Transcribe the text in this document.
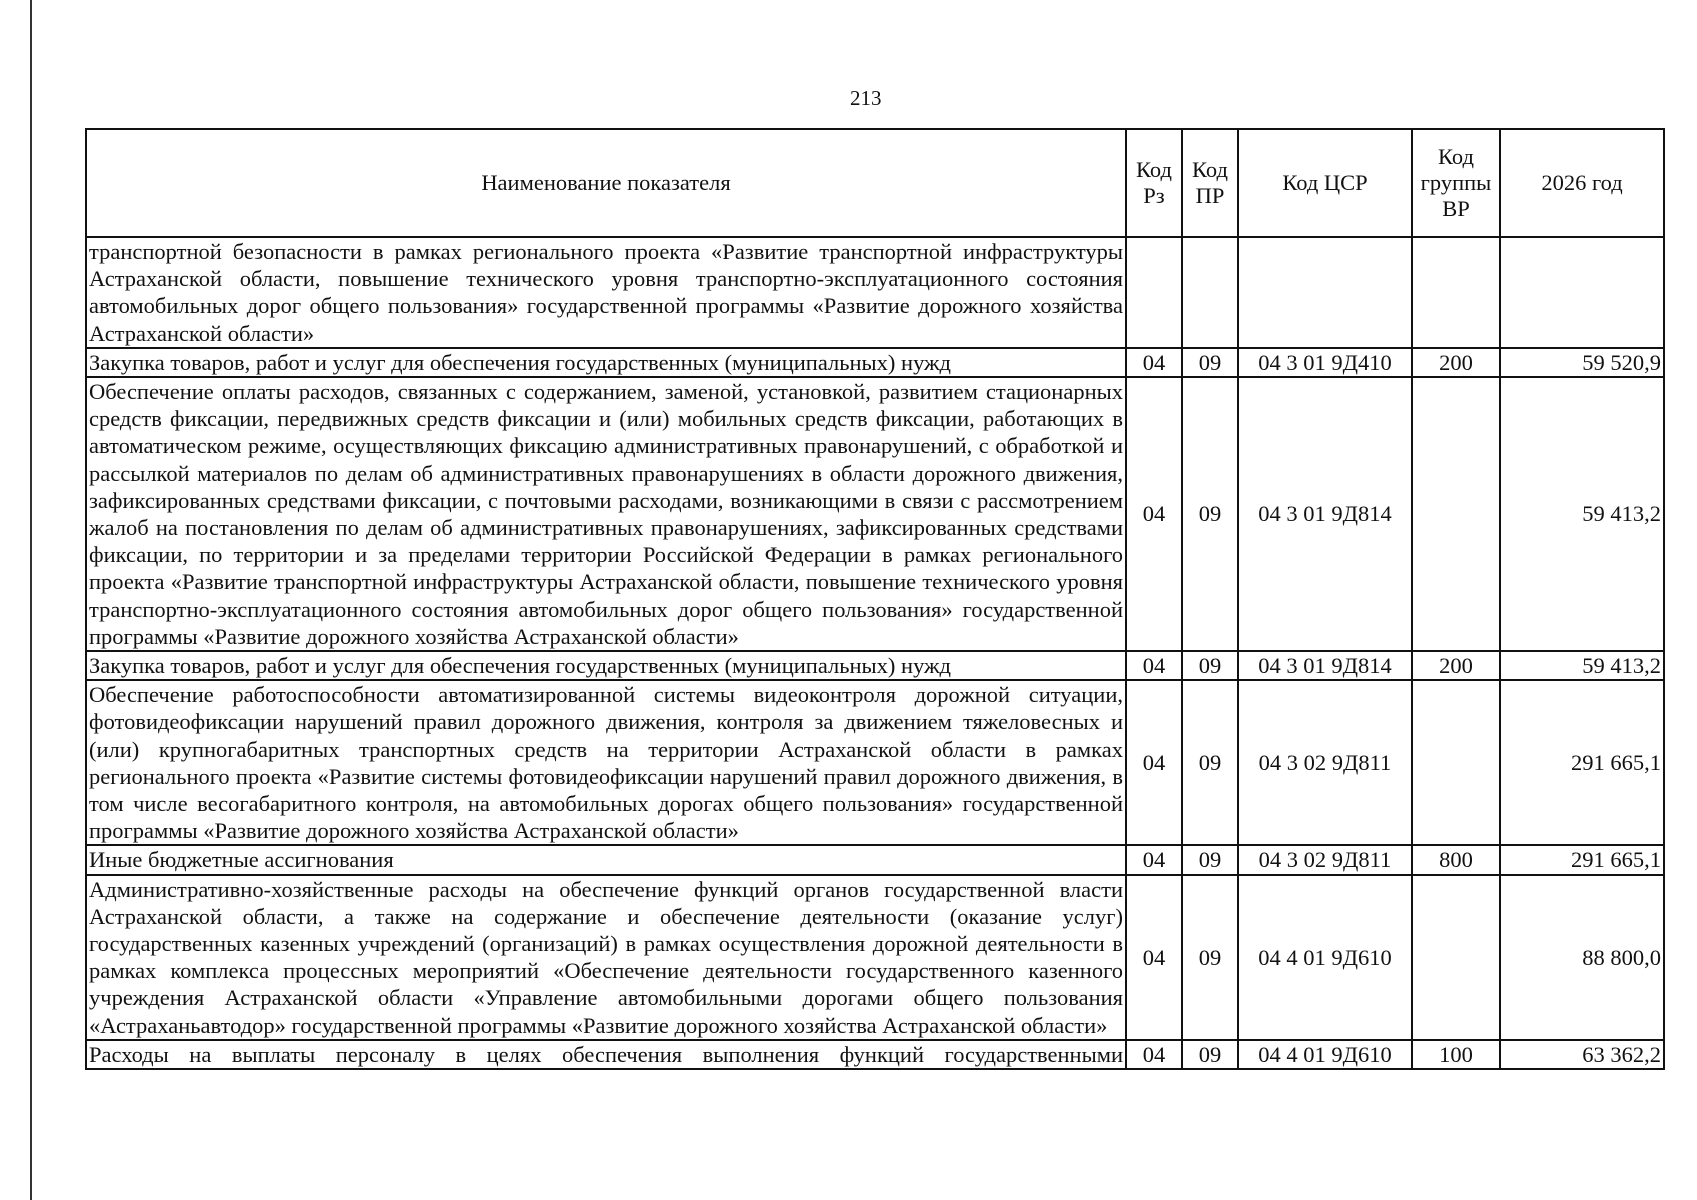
213
Наименование показателя	Код Рз	Код ПР	Код ЦСР	Код группы ВР	2026 год
транспортной безопасности в рамках регионального проекта «Развитие транспортной инфраструктуры Астраханской области, повышение технического уровня транспортно-эксплуатационного состояния автомобильных дорог общего пользования» государственной программы «Развитие дорожного хозяйства Астраханской области»					
Закупка товаров, работ и услуг для обеспечения государственных (муниципальных) нужд	04	09	04 3 01 9Д410	200	59 520,9
Обеспечение оплаты расходов, связанных с содержанием, заменой, установкой, развитием стационарных средств фиксации, передвижных средств фиксации и (или) мобильных средств фиксации, работающих в автоматическом режиме, осуществляющих фиксацию административных правонарушений, с обработкой и рассылкой материалов по делам об административных правонарушениях в области дорожного движения, зафиксированных средствами фиксации, с почтовыми расходами, возникающими в связи с рассмотрением жалоб на постановления по делам об административных правонарушениях, зафиксированных средствами фиксации, по территории и за пределами территории Российской Федерации в рамках регионального проекта «Развитие транспортной инфраструктуры Астраханской области, повышение технического уровня транспортно-эксплуатационного состояния автомобильных дорог общего пользования» государственной программы «Развитие дорожного хозяйства Астраханской области»	04	09	04 3 01 9Д814		59 413,2
Закупка товаров, работ и услуг для обеспечения государственных (муниципальных) нужд	04	09	04 3 01 9Д814	200	59 413,2
Обеспечение работоспособности автоматизированной системы видеоконтроля дорожной ситуации, фотовидеофиксации нарушений правил дорожного движения, контроля за движением тяжеловесных и (или) крупногабаритных транспортных средств на территории Астраханской области в рамках регионального проекта «Развитие системы фотовидеофиксации нарушений правил дорожного движения, в том числе весогабаритного контроля, на автомобильных дорогах общего пользования» государственной программы «Развитие дорожного хозяйства Астраханской области»	04	09	04 3 02 9Д811		291 665,1
Иные бюджетные ассигнования	04	09	04 3 02 9Д811	800	291 665,1
Административно-хозяйственные расходы на обеспечение функций органов государственной власти Астраханской области, а также на содержание и обеспечение деятельности (оказание услуг) государственных казенных учреждений (организаций) в рамках осуществления дорожной деятельности в рамках комплекса процессных мероприятий «Обеспечение деятельности государственного казенного учреждения Астраханской области «Управление автомобильными дорогами общего пользования «Астраханьавтодор» государственной программы «Развитие дорожного хозяйства Астраханской области»	04	09	04 4 01 9Д610		88 800,0
Расходы на выплаты персоналу в целях обеспечения выполнения функций государственными	04	09	04 4 01 9Д610	100	63 362,2
